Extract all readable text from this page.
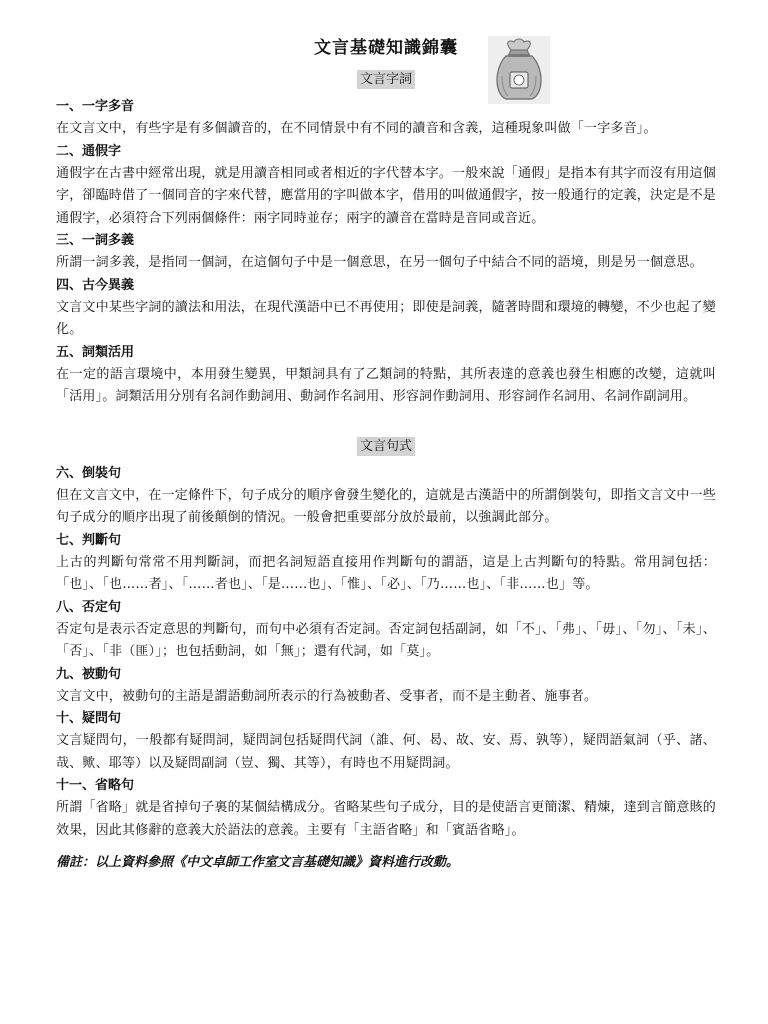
文言基礎知識錦囊
文言字詞

一、一字多音

在文言文中，有些字是有多個讀音的，在不同情景中有不同的讀音和含義，這種現象叫做「一字多音」。

二、通假字

通假字在古書中經常出現，就是用讀音相同或者相近的字代替本字。一般來說「通假」是指本有其字而沒有用這個字，卻臨時借了一個同音的字來代替，應當用的字叫做本字，借用的叫做通假字，按一般通行的定義，決定是不是通假字，必須符合下列兩個條件：兩字同時並存；兩字的讀音在當時是音同或音近。

三、一詞多義

所謂一詞多義，是指同一個詞，在這個句子中是一個意思，在另一個句子中結合不同的語境，則是另一個意思。

四、古今異義

文言文中某些字詞的讀法和用法，在現代漢語中已不再使用；即使是詞義，隨著時間和環境的轉變，不少也起了變化。

五、詞類活用

在一定的語言環境中，本用發生變異，甲類詞具有了乙類詞的特點，其所表達的意義也發生相應的改變，這就叫「活用」。詞類活用分別有名詞作動詞用、動詞作名詞用、形容詞作動詞用、形容詞作名詞用、名詞作副詞用。

文言句式

六、倒裝句

但在文言文中，在一定條件下，句子成分的順序會發生變化的，這就是古漢語中的所謂倒裝句，即指文言文中一些句子成分的順序出現了前後顛倒的情況。一般會把重要部分放於最前，以強調此部分。

七、判斷句

上古的判斷句常常不用判斷詞，而把名詞短語直接用作判斷句的謂語，這是上古判斷句的特點。常用詞包括：「也」、「也……者」、「……者也」、「是……也」、「惟」、「必」、「乃……也」、「非……也」等。

八、否定句

否定句是表示否定意思的判斷句，而句中必須有否定詞。否定詞包括副詞，如「不」、「弗」、「毋」、「勿」、「未」、「否」、「非（匪）」；也包括動詞，如「無」；還有代詞，如「莫」。

九、被動句

文言文中，被動句的主語是謂語動詞所表示的行為被動者、受事者，而不是主動者、施事者。

十、疑問句

文言疑問句，一般都有疑問詞，疑問詞包括疑問代詞（誰、何、曷、故、安、焉、孰等），疑問語氣詞（乎、諸、哉、歟、耶等）以及疑問副詞（豈、獨、其等），有時也不用疑問詞。

十一、省略句

所謂「省略」就是省掉句子裏的某個結構成分。省略某些句子成分，目的是使語言更簡潔、精煉，達到言簡意賅的效果，因此其修辭的意義大於語法的意義。主要有「主語省略」和「賓語省略」。

備註：以上資料參照《中文卓師工作室文言基礎知識》資料進行改動。
